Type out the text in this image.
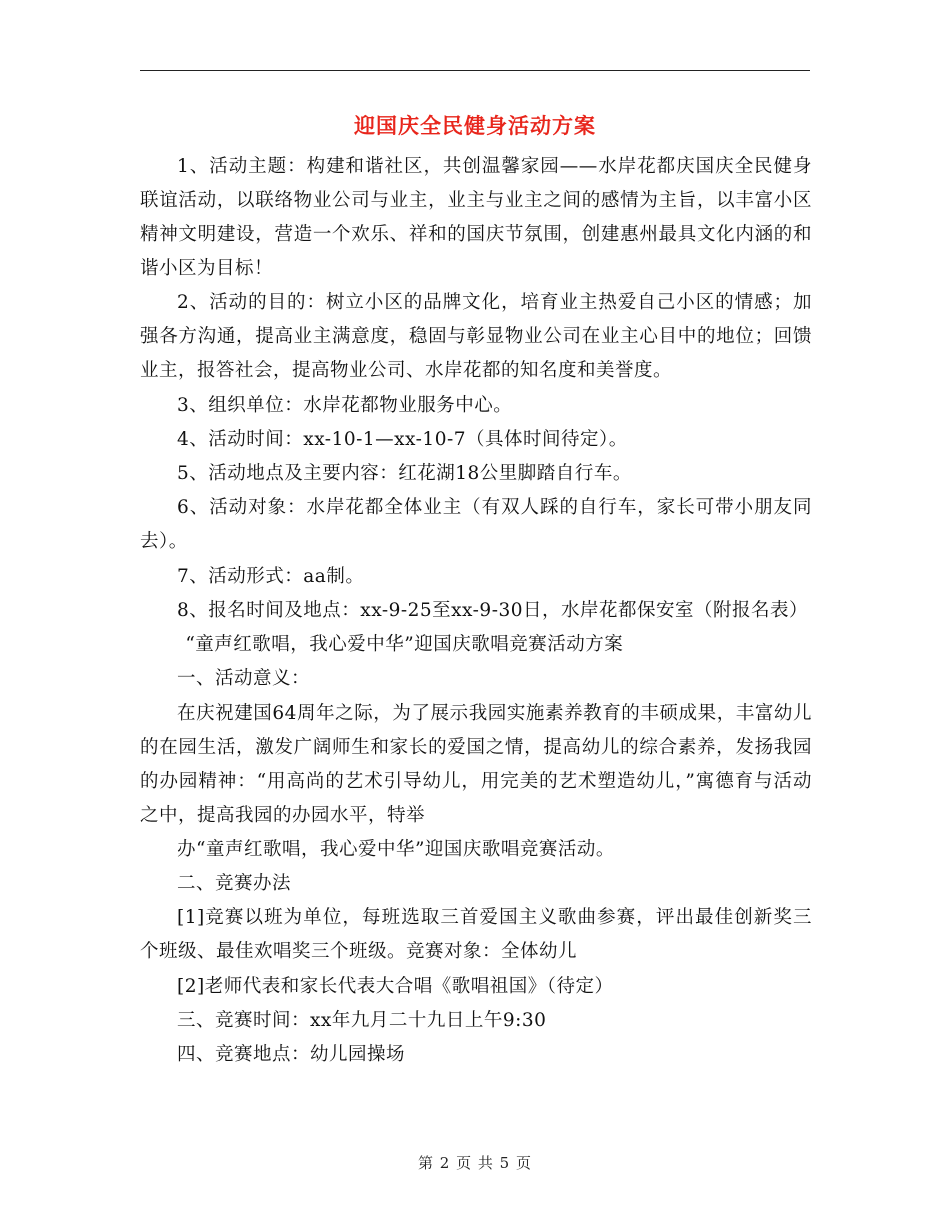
迎国庆全民健身活动方案

1、活动主题：构建和谐社区，共创温馨家园——水岸花都庆国庆全民健身联谊活动，以联络物业公司与业主，业主与业主之间的感情为主旨，以丰富小区精神文明建设，营造一个欢乐、祥和的国庆节氛围，创建惠州最具文化内涵的和谐小区为目标！

2、活动的目的：树立小区的品牌文化，培育业主热爱自己小区的情感；加强各方沟通，提高业主满意度，稳固与彰显物业公司在业主心目中的地位；回馈业主，报答社会，提高物业公司、水岸花都的知名度和美誉度。

3、组织单位：水岸花都物业服务中心。

4、活动时间：xx-10-1—xx-10-7（具体时间待定）。

5、活动地点及主要内容：红花湖18公里脚踏自行车。

6、活动对象：水岸花都全体业主（有双人踩的自行车，家长可带小朋友同去）。

7、活动形式：aa制。

8、报名时间及地点：xx-9-25至xx-9-30日，水岸花都保安室（附报名表）

“童声红歌唱，我心爱中华”迎国庆歌唱竞赛活动方案

一、活动意义：

在庆祝建国64周年之际，为了展示我园实施素养教育的丰硕成果，丰富幼儿的在园生活，激发广阔师生和家长的爱国之情，提高幼儿的综合素养，发扬我园的办园精神：“用高尚的艺术引导幼儿，用完美的艺术塑造幼儿，”寓德育与活动之中，提高我园的办园水平，特举

办“童声红歌唱，我心爱中华”迎国庆歌唱竞赛活动。

二、竞赛办法

[1]竞赛以班为单位，每班选取三首爱国主义歌曲参赛，评出最佳创新奖三个班级、最佳欢唱奖三个班级。竞赛对象：全体幼儿

[2]老师代表和家长代表大合唱《歌唱祖国》（待定）

三、竞赛时间：xx年九月二十九日上午9:30

四、竞赛地点：幼儿园操场

第 2 页 共 5 页
